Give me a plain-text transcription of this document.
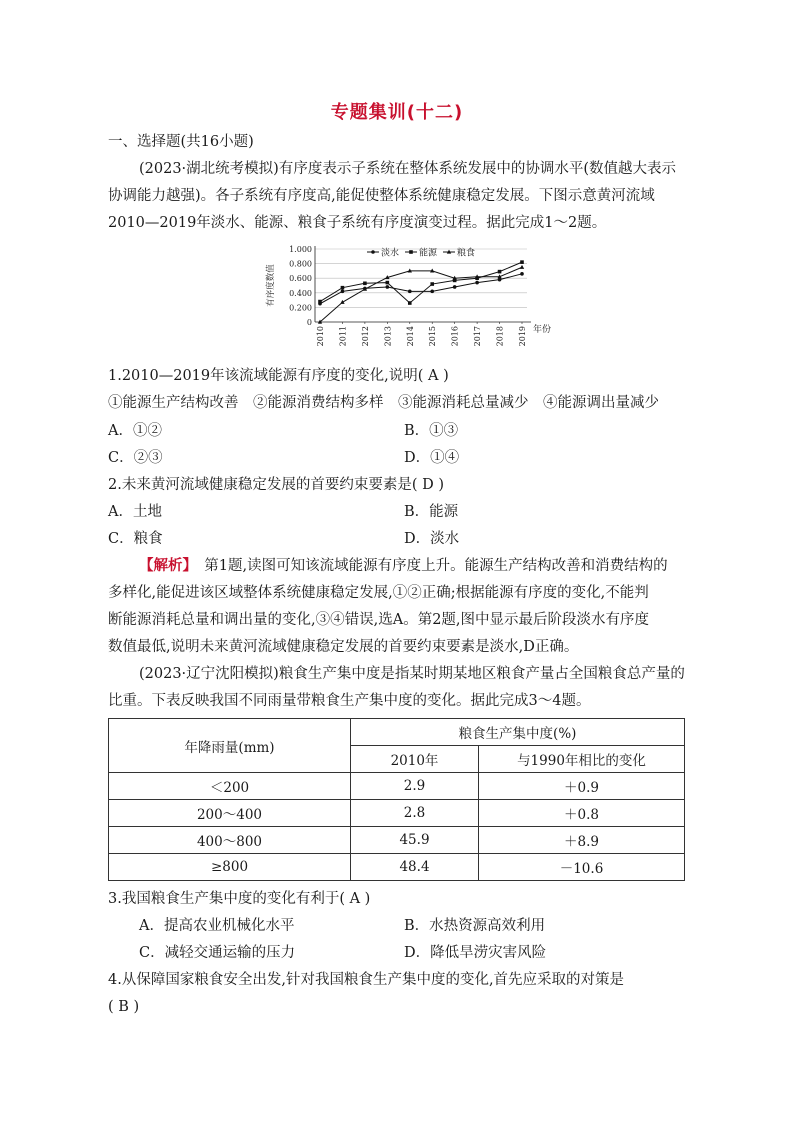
专题集训(十二)
一、选择题(共16小题)
(2023·湖北统考模拟)有序度表示子系统在整体系统发展中的协调水平(数值越大表示
协调能力越强)。各子系统有序度高,能促使整体系统健康稳定发展。下图示意黄河流域
2010—2019年淡水、能源、粮食子系统有序度演变过程。据此完成1～2题。
0
0.200
0.400
0.600
0.800
1.000
2010 2011 2012 2013 2014 2015 2016 2017 2018 2019 年份
有序度数值
淡水 能源 粮食
1.2010—2019年该流域能源有序度的变化,说明( A )
①能源生产结构改善　②能源消费结构多样　③能源消耗总量减少　④能源调出量减少
A．①②	B．①③
C．②③	D．①④
2.未来黄河流域健康稳定发展的首要约束要素是( D )
A．土地	B．能源
C．粮食	D．淡水
【解析】　第1题,读图可知该流域能源有序度上升。能源生产结构改善和消费结构的
多样化,能促进该区域整体系统健康稳定发展,①②正确;根据能源有序度的变化,不能判
断能源消耗总量和调出量的变化,③④错误,选A。第2题,图中显示最后阶段淡水有序度
数值最低,说明未来黄河流域健康稳定发展的首要约束要素是淡水,D正确。
(2023·辽宁沈阳模拟)粮食生产集中度是指某时期某地区粮食产量占全国粮食总产量的
比重。下表反映我国不同雨量带粮食生产集中度的变化。据此完成3～4题。
年降雨量(mm)	粮食生产集中度(%)	
	2010年	与1990年相比的变化
＜200	2.9	＋0.9
200～400	2.8	＋0.8
400～800	45.9	＋8.9
≥800	48.4	－10.6
3.我国粮食生产集中度的变化有利于( A )
A．提高农业机械化水平	B．水热资源高效利用
C．减轻交通运输的压力	D．降低旱涝灾害风险
4.从保障国家粮食安全出发,针对我国粮食生产集中度的变化,首先应采取的对策是
( B )
